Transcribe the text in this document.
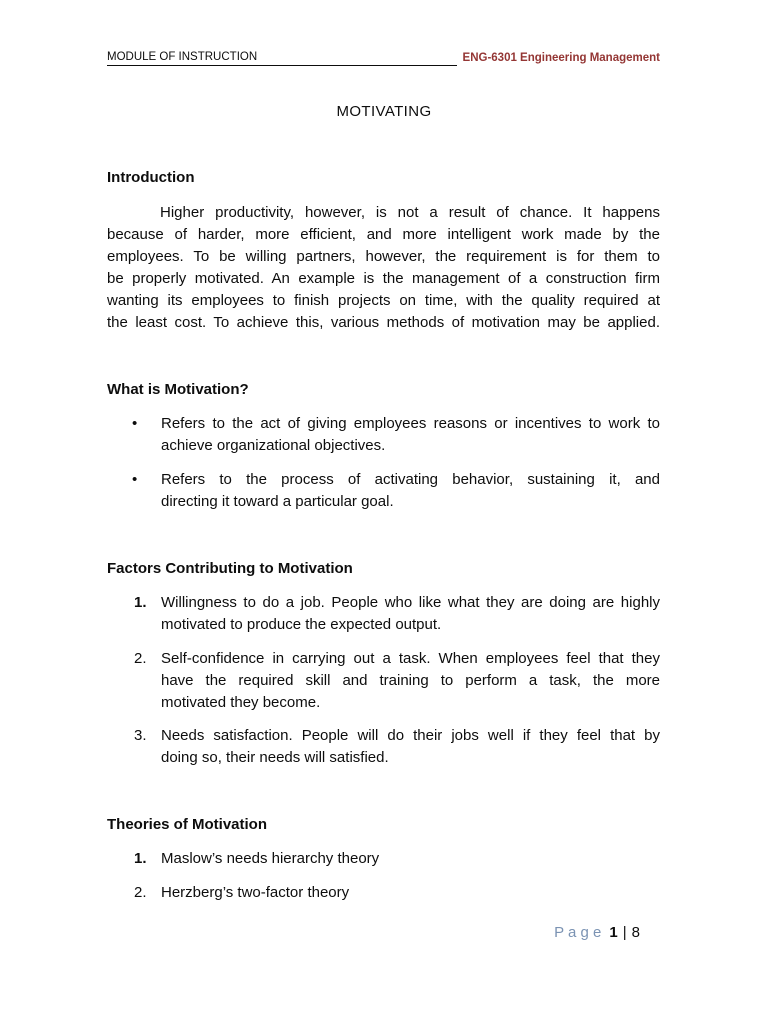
MODULE OF INSTRUCTION	ENG-6301 Engineering Management
MOTIVATING
Introduction
Higher productivity, however, is not a result of chance. It happens
because of harder, more efficient, and more intelligent work made by the
employees. To be willing partners, however, the requirement is for them to
be properly motivated. An example is the management of a construction firm
wanting its employees to finish projects on time, with the quality required at
the least cost. To achieve this, various methods of motivation may be applied.
What is Motivation?
• Refers to the act of giving employees reasons or incentives to work to
achieve organizational objectives.
• Refers to the process of activating behavior, sustaining it, and
directing it toward a particular goal.
Factors Contributing to Motivation
1. Willingness to do a job. People who like what they are doing are highly
motivated to produce the expected output.
2. Self-confidence in carrying out a task. When employees feel that they
have the required skill and training to perform a task, the more
motivated they become.
3. Needs satisfaction. People will do their jobs well if they feel that by
doing so, their needs will satisfied.
Theories of Motivation
1. Maslow’s needs hierarchy theory
2. Herzberg’s two-factor theory
P a g e 1 | 8
